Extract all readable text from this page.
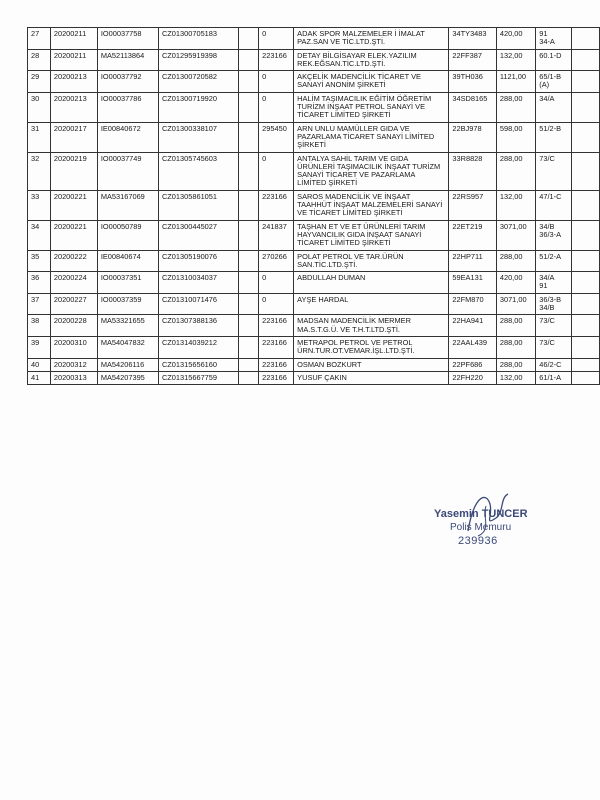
27	20200211	IO00037758	CZ01300705183		0	ADAK SPOR MALZEMELER İ İMALAT PAZ.SAN VE TİC.LTD.ŞTİ.	34TY3483	420,00	91
34-A	

28	20200211	MA52113864	CZ01295919398		223166	DETAY BİLGİSAYAR ELEK.YAZILIM REK.EĞSAN.TİC.LTD.ŞTİ.	22FF387	132,00	60.1-D	

29	20200213	IO00037792	CZ01300720582		0	AKÇELİK MADENCİLİK TİCARET VE SANAYİ ANONİM ŞİRKETİ	39TH036	1121,00	65/1-B
(A)	

30	20200213	IO00037786	CZ01300719920		0	HALİM TAŞIMACILIK EĞİTİM ÖĞRETİM TURİZM İNŞAAT PETROL SANAYİ VE TİCARET LİMİTED ŞİRKETİ	34SD8165	288,00	34/A	

31	20200217	IE00840672	CZ01300338107		295450	ARN UNLU MAMÜLLER GIDA VE PAZARLAMA TİCARET SANAYİ LİMİTED ŞİRKETİ	22BJ978	598,00	51/2-B	

32	20200219	IO00037749	CZ01305745603		0	ANTALYA SAHİL TARIM VE GIDA ÜRÜNLERİ TAŞIMACILIK İNŞAAT TURİZM SANAYİ TİCARET VE PAZARLAMA LİMİTED ŞİRKETİ	33R8828	288,00	73/C	

33	20200221	MA53167069	CZ01305861051		223166	SAROS MADENCİLİK VE İNŞAAT TAAHHÜT İNŞAAT MALZEMELERİ SANAYİ VE TİCARET LİMİTED ŞİRKETİ	22RS957	132,00	47/1-C	

34	20200221	IO00050789	CZ01300445027		241837	TAŞHAN ET VE ET ÜRÜNLERİ TARIM HAYVANCILIK GIDA İNŞAAT SANAYİ TİCARET LİMİTED ŞİRKETİ	22ET219	3071,00	34/B
36/3-A	

35	20200222	IE00840674	CZ01305190076		270266	POLAT PETROL VE TAR.ÜRÜN SAN.TİC.LTD.ŞTİ.	22HP711	288,00	51/2-A	

36	20200224	IO00037351	CZ01310034037		0	ABDULLAH DUMAN	59EA131	420,00	34/A
91	

37	20200227	IO00037359	CZ01310071476		0	AYŞE HARDAL	22FM870	3071,00	36/3-B
34/B	

38	20200228	MA53321655	CZ01307388136		223166	MADSAN MADENCİLİK MERMER MA.S.T.G.Ü. VE T.H.T.LTD.ŞTİ.	22HA941	288,00	73/C	

39	20200310	MA54047832	CZ01314039212		223166	METRAPOL PETROL VE PETROL ÜRN.TUR.OT.VEMAR.İŞL.LTD.ŞTİ.	22AAL439	288,00	73/C	

40	20200312	MA54206116	CZ01315656160		223166	OSMAN BOZKURT	22PF686	288,00	46/2-C	

41	20200313	MA54207395	CZ01315667759		223166	YUSUF ÇAKIN	22FH220	132,00	61/1-A	

Yasemin TUNCER
Polis Memuru
239936
